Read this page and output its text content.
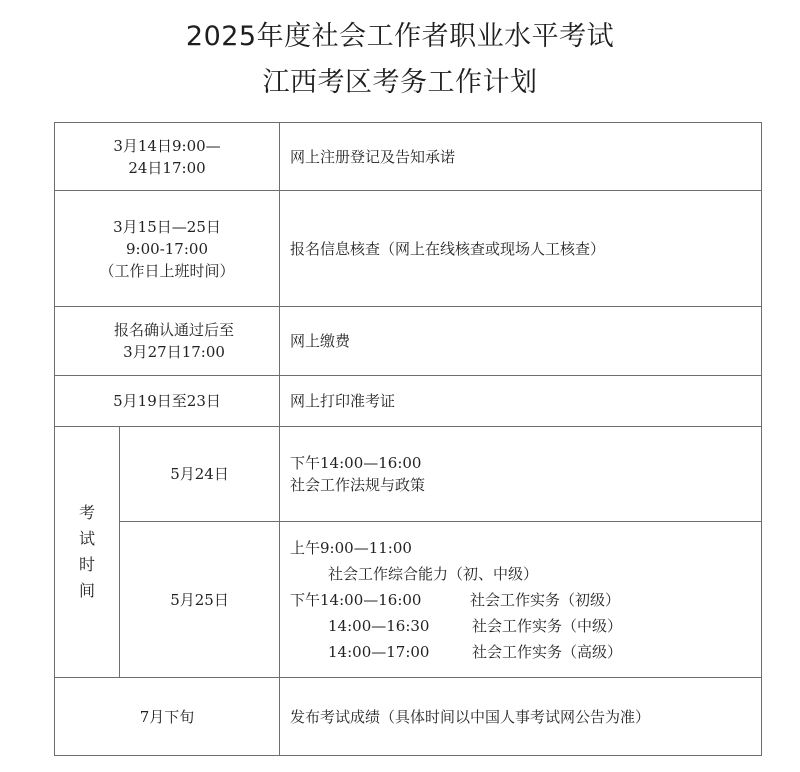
2025年度社会工作者职业水平考试
江西考区考务工作计划
3月14日9:00—
24日17:00		网上注册登记及告知承诺

3月15日—25日
9:00-17:00
（工作日上班时间）		报名信息核查（网上在线核查或现场人工核查）

报名确认通过后至
3月27日17:00		网上缴费

5月19日至23日		网上打印准考证

考
试
时
间	5月24日	下午14:00—16:00
社会工作法规与政策

	5月25日	上午9:00—11:00
社会工作综合能力（初、中级）
下午14:00—16:00 社会工作实务（初级）
14:00—16:30 社会工作实务（中级）
14:00—17:00 社会工作实务（高级）

7月下旬		发布考试成绩（具体时间以中国人事考试网公告为准）
